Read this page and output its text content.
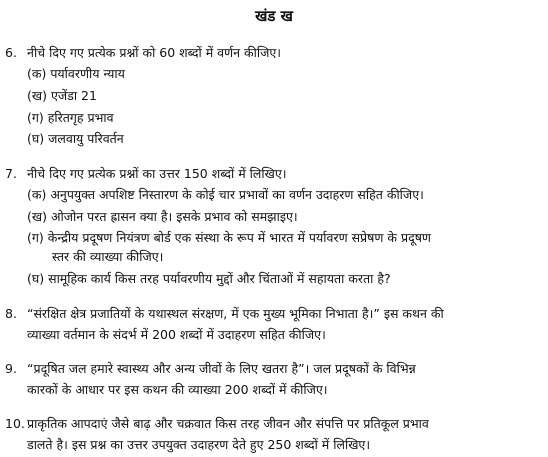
खंड ख
6. नीचे दिए गए प्रत्येक प्रश्नों को 60 शब्दों में वर्णन कीजिए।
(क) पर्यावरणीय न्याय
(ख) एजेंडा 21
(ग) हरितगृह प्रभाव
(घ) जलवायु परिवर्तन
7. नीचे दिए गए प्रत्येक प्रश्नों का उत्तर 150 शब्दों में लिखिए।
(क) अनुपयुक्त अपशिष्ट निस्तारण के कोई चार प्रभावों का वर्णन उदाहरण सहित कीजिए।
(ख) ओजोन परत ह्रासन क्या है। इसके प्रभाव को समझाइए।
(ग) केन्द्रीय प्रदूषण नियंत्रण बोर्ड एक संस्था के रूप में भारत में पर्यावरण सप्रेषण के प्रदूषण
स्तर की व्याख्या कीजिए।
(घ) सामूहिक कार्य किस तरह पर्यावरणीय मुद्दों और चिंताओं में सहायता करता है?
8. “संरक्षित क्षेत्र प्रजातियों के यथास्थल संरक्षण, में एक मुख्य भूमिका निभाता है।” इस कथन की
व्याख्या वर्तमान के संदर्भ में 200 शब्दों में उदाहरण सहित कीजिए।
9. “प्रदूषित जल हमारे स्वास्थ्य और अन्य जीवों के लिए खतरा है”। जल प्रदूषकों के विभिन्न
कारकों के आधार पर इस कथन की व्याख्या 200 शब्दों में कीजिए।
10. प्राकृतिक आपदाएं जैसे बाढ़ और चक्रवात किस तरह जीवन और संपत्ति पर प्रतिकूल प्रभाव
डालते है। इस प्रश्न का उत्तर उपयुक्त उदाहरण देते हुए 250 शब्दों में लिखिए।
